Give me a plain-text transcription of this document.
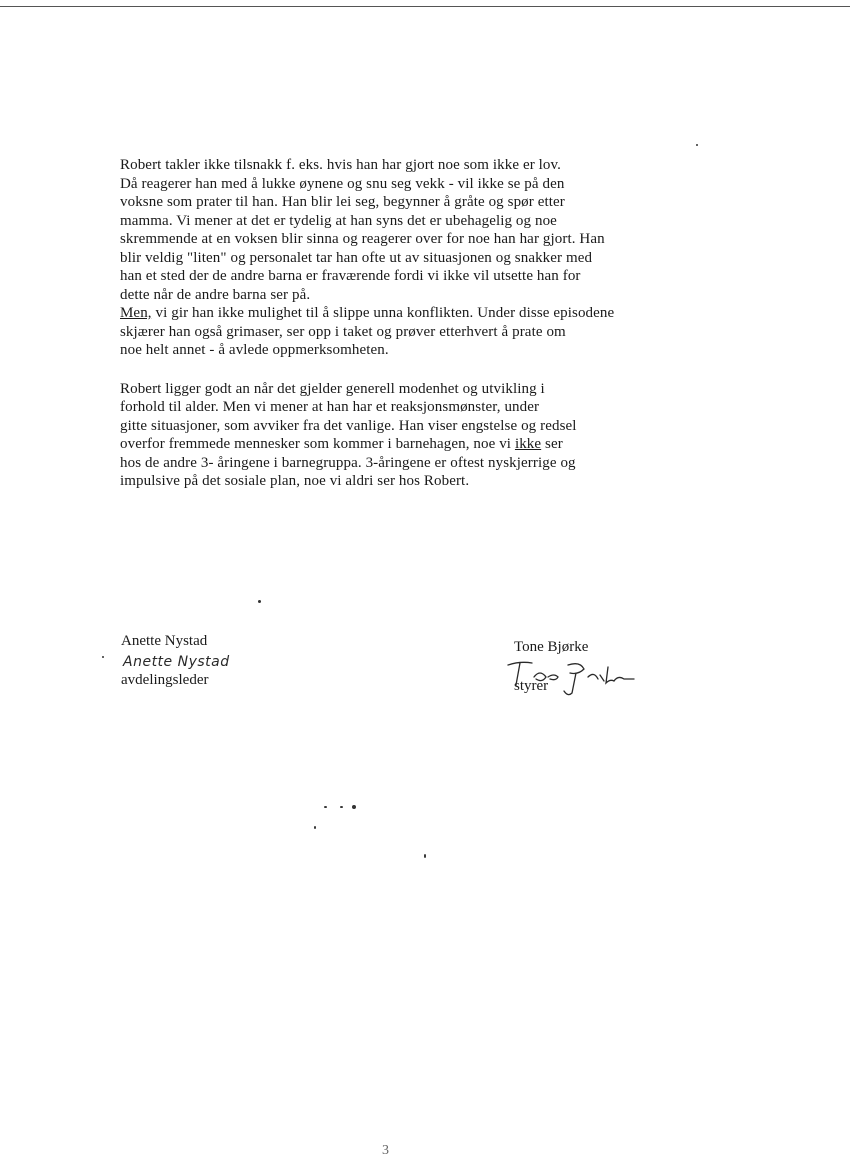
Robert takler ikke tilsnakk f. eks. hvis han har gjort noe som ikke er lov.
Då reagerer han med å lukke øynene og snu seg vekk - vil ikke se på den
voksne som prater til han. Han blir lei seg, begynner å gråte og spør etter
mamma. Vi mener at det er tydelig at han syns det er ubehagelig og noe
skremmende at en voksen blir sinna og reagerer over for noe han har gjort. Han
blir veldig "liten" og personalet tar han ofte ut av situasjonen og snakker med
han et sted der de andre barna er fraværende fordi vi ikke vil utsette han for
dette når de andre barna ser på.
Men, vi gir han ikke mulighet til å slippe unna konflikten. Under disse episodene
skjærer han også grimaser, ser opp i taket og prøver etterhvert å prate om
noe helt annet - å avlede oppmerksomheten.
Robert ligger godt an når det gjelder generell modenhet og utvikling i
forhold til alder. Men vi mener at han har et reaksjonsmønster, under
gitte situasjoner, som avviker fra det vanlige. Han viser engstelse og redsel
overfor fremmede mennesker som kommer i barnehagen, noe vi ikke ser
hos de andre 3- åringene i barnegruppa. 3-åringene er oftest nyskjerrige og
impulsive på det sosiale plan, noe vi aldri ser hos Robert.
Anette Nystad
Anette Nystad
avdelingsleder
Tone Bjørke
styrer
3
